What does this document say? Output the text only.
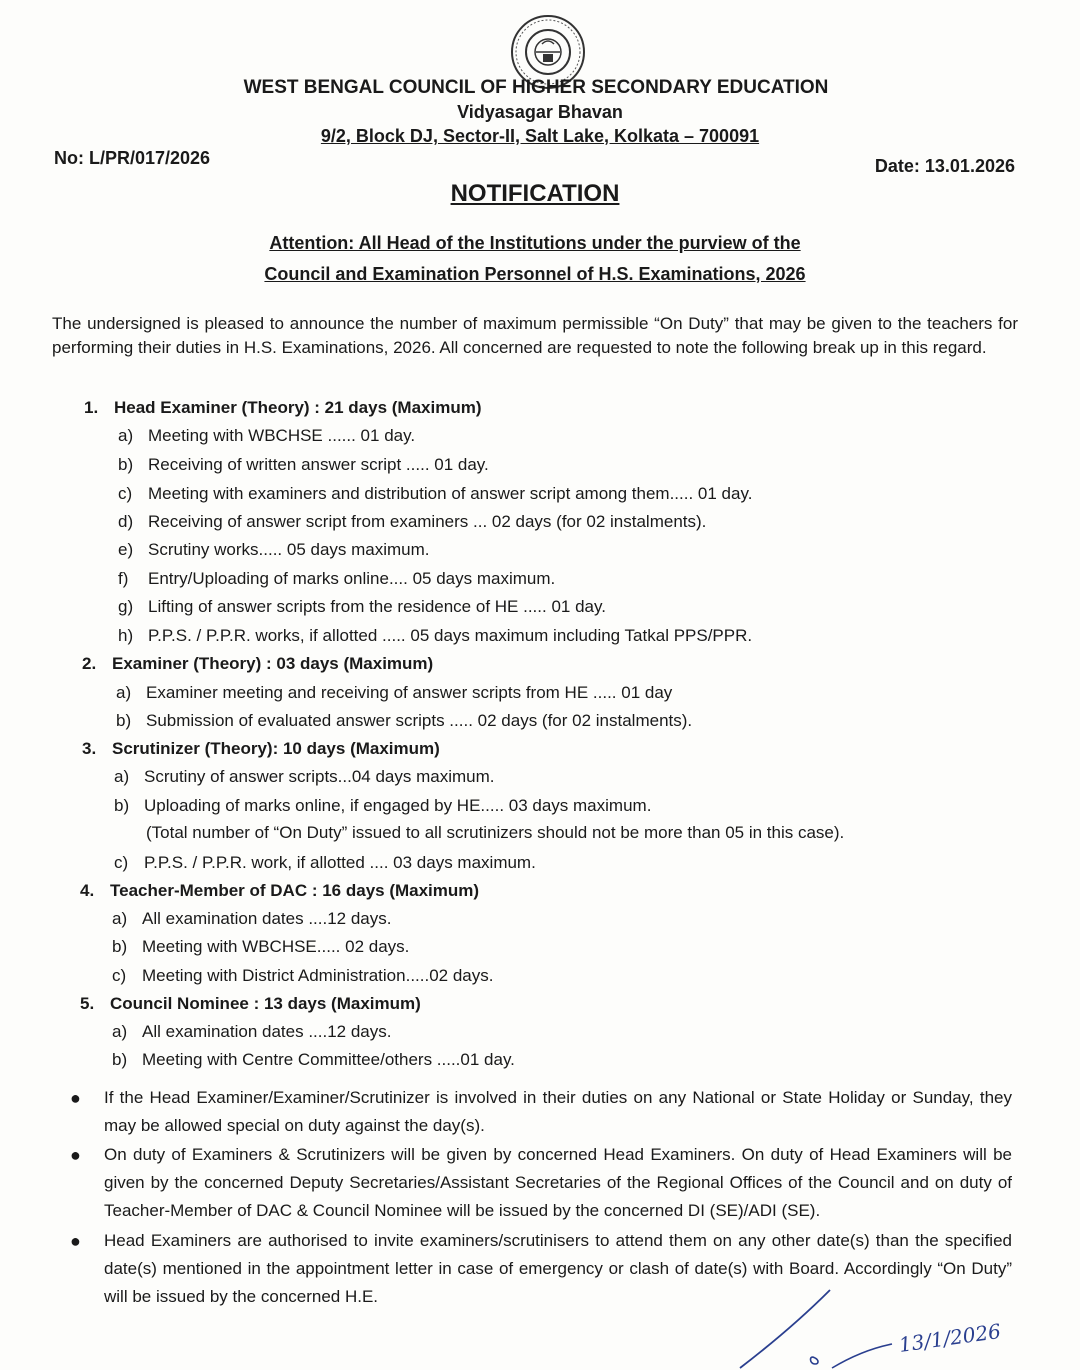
WEST BENGAL COUNCIL OF HIGHER SECONDARY EDUCATION
Vidyasagar Bhavan
9/2, Block DJ, Sector-II, Salt Lake, Kolkata – 700091
No: L/PR/017/2026	Date: 13.01.2026
NOTIFICATION
Attention: All Head of the Institutions under the purview of the
Council and Examination Personnel of H.S. Examinations, 2026
The undersigned is pleased to announce the number of maximum permissible “On Duty” that may be given to the teachers for performing their duties in H.S. Examinations, 2026. All concerned are requested to note the following break up in this regard.
1. Head Examiner (Theory) : 21 days (Maximum)
a) Meeting with WBCHSE ...... 01 day.
b) Receiving of written answer script ..... 01 day.
c) Meeting with examiners and distribution of answer script among them..... 01 day.
d) Receiving of answer script from examiners ... 02 days (for 02 instalments).
e) Scrutiny works..... 05 days maximum.
f) Entry/Uploading of marks online.... 05 days maximum.
g) Lifting of answer scripts from the residence of HE ..... 01 day.
h) P.P.S. / P.P.R. works, if allotted ..... 05 days maximum including Tatkal PPS/PPR.
2. Examiner (Theory) : 03 days (Maximum)
a) Examiner meeting and receiving of answer scripts from HE ..... 01 day
b) Submission of evaluated answer scripts ..... 02 days (for 02 instalments).
3. Scrutinizer (Theory): 10 days (Maximum)
a) Scrutiny of answer scripts...04 days maximum.
b) Uploading of marks online, if engaged by HE..... 03 days maximum.
(Total number of “On Duty” issued to all scrutinizers should not be more than 05 in this case).
c) P.P.S. / P.P.R. work, if allotted .... 03 days maximum.
4. Teacher-Member of DAC : 16 days (Maximum)
a) All examination dates ....12 days.
b) Meeting with WBCHSE..... 02 days.
c) Meeting with District Administration.....02 days.
5. Council Nominee : 13 days (Maximum)
a) All examination dates ....12 days.
b) Meeting with Centre Committee/others .....01 day.
● If the Head Examiner/Examiner/Scrutinizer is involved in their duties on any National or State Holiday or Sunday, they may be allowed special on duty against the day(s).
● On duty of Examiners & Scrutinizers will be given by concerned Head Examiners. On duty of Head Examiners will be given by the concerned Deputy Secretaries/Assistant Secretaries of the Regional Offices of the Council and on duty of Teacher-Member of DAC & Council Nominee will be issued by the concerned DI (SE)/ADI (SE).
● Head Examiners are authorised to invite examiners/scrutinisers to attend them on any other date(s) than the specified date(s) mentioned in the appointment letter in case of emergency or clash of date(s) with Board. Accordingly “On Duty” will be issued by the concerned H.E.
13/1/2026
